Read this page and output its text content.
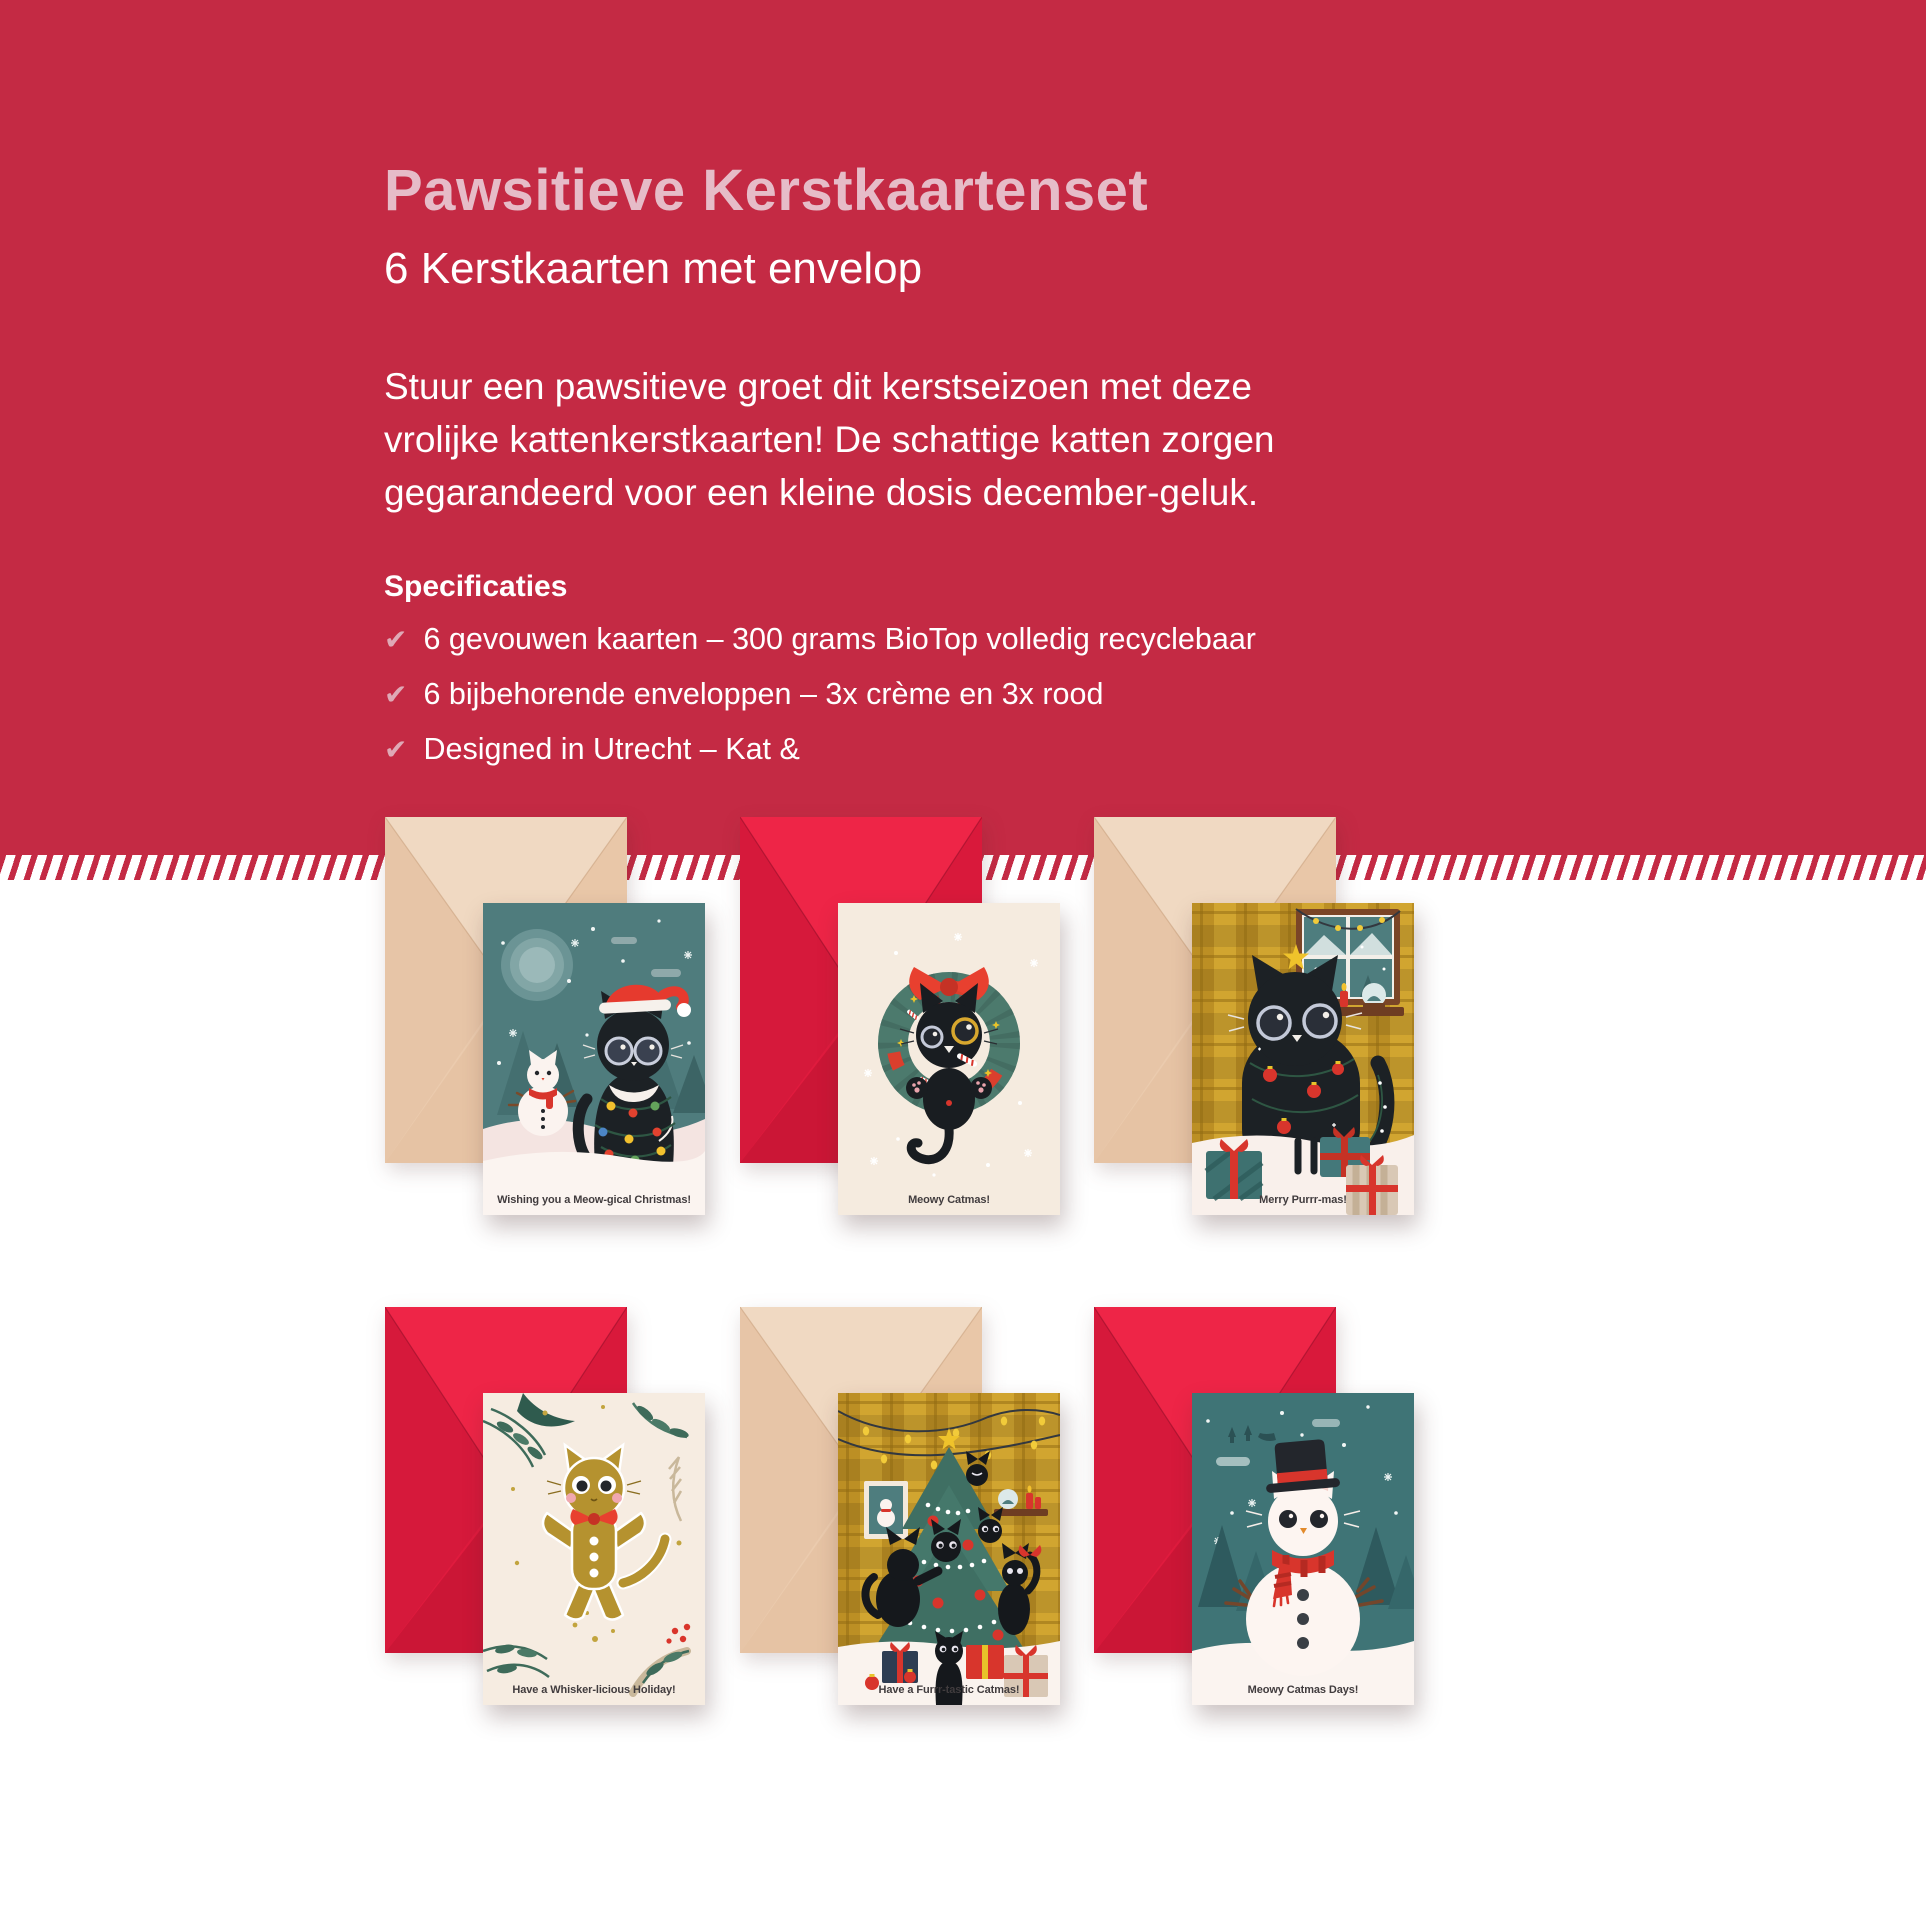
Pawsitieve Kerstkaartenset
6 Kerstkaarten met envelop
Stuur een pawsitieve groet dit kerstseizoen met deze
vrolijke kattenkerstkaarten! De schattige katten zorgen
gegarandeerd voor een kleine dosis december-geluk.
Specificaties
✔ 6 gevouwen kaarten – 300 grams BioTop volledig recyclebaar
✔ 6 bijbehorende enveloppen – 3x crème en 3x rood
✔ Designed in Utrecht – Kat &
Wishing you a Meow-gical Christmas!	Meowy Catmas!	Merry Purrr-mas!
Have a Whisker-licious Holiday!	Have a Furrr-tastic Catmas!	Meowy Catmas Days!
